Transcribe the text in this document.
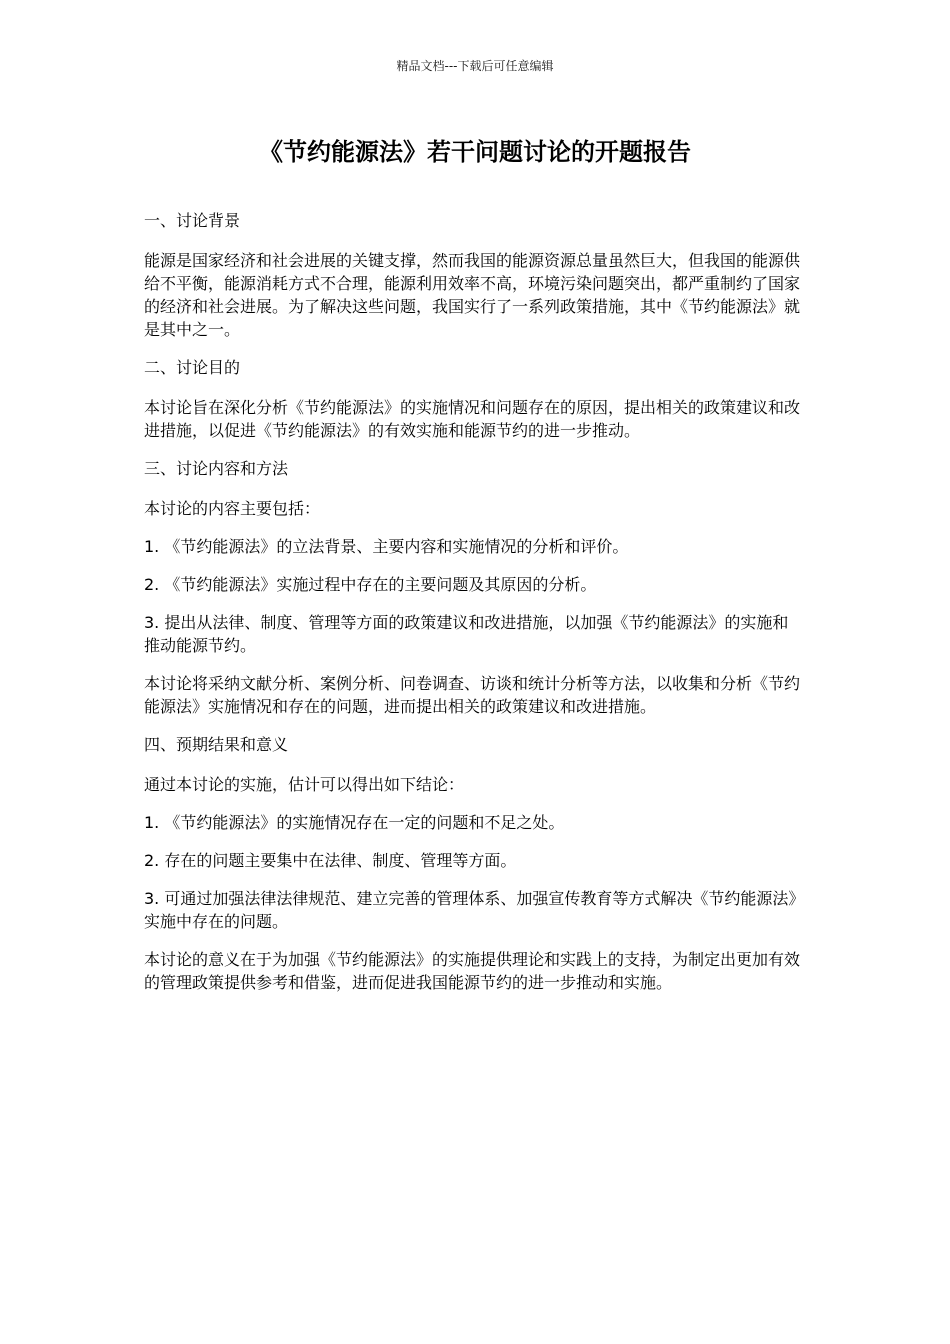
精品文档---下载后可任意编辑
《节约能源法》若干问题讨论的开题报告

一、讨论背景

能源是国家经济和社会进展的关键支撑，然而我国的能源资源总量虽然巨大，但我国的能源供给不平衡，能源消耗方式不合理，能源利用效率不高，环境污染问题突出，都严重制约了国家的经济和社会进展。为了解决这些问题，我国实行了一系列政策措施，其中《节约能源法》就是其中之一。

二、讨论目的

本讨论旨在深化分析《节约能源法》的实施情况和问题存在的原因，提出相关的政策建议和改进措施，以促进《节约能源法》的有效实施和能源节约的进一步推动。

三、讨论内容和方法

本讨论的内容主要包括：

1. 《节约能源法》的立法背景、主要内容和实施情况的分析和评价。

2. 《节约能源法》实施过程中存在的主要问题及其原因的分析。

3. 提出从法律、制度、管理等方面的政策建议和改进措施，以加强《节约能源法》的实施和推动能源节约。

本讨论将采纳文献分析、案例分析、问卷调查、访谈和统计分析等方法，以收集和分析《节约能源法》实施情况和存在的问题，进而提出相关的政策建议和改进措施。

四、预期结果和意义

通过本讨论的实施，估计可以得出如下结论：

1. 《节约能源法》的实施情况存在一定的问题和不足之处。

2. 存在的问题主要集中在法律、制度、管理等方面。

3. 可通过加强法律法律规范、建立完善的管理体系、加强宣传教育等方式解决《节约能源法》实施中存在的问题。

本讨论的意义在于为加强《节约能源法》的实施提供理论和实践上的支持，为制定出更加有效的管理政策提供参考和借鉴，进而促进我国能源节约的进一步推动和实施。
